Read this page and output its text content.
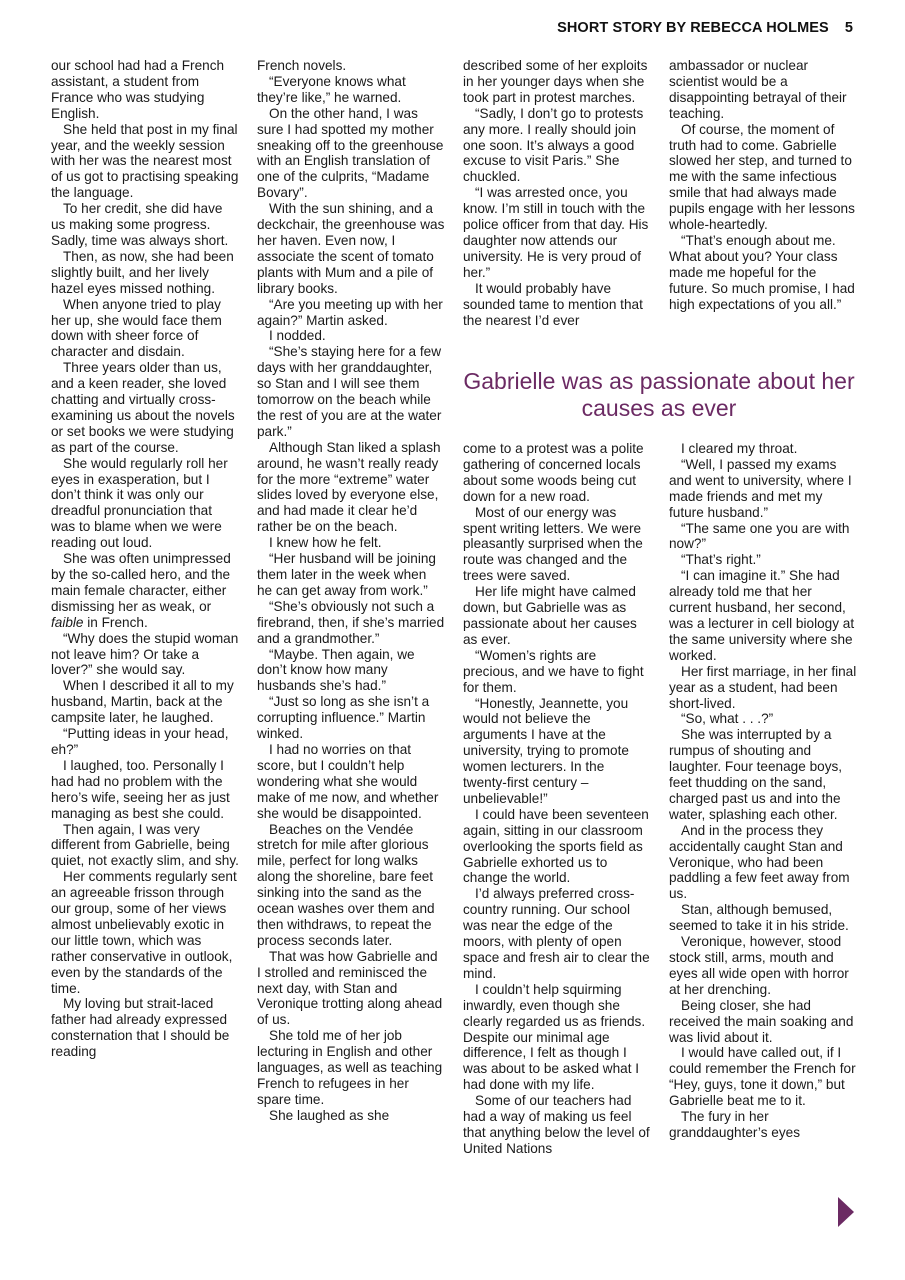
SHORT STORY BY REBECCA HOLMES 5

our school had had a French assistant, a student from France who was studying English.

She held that post in my final year, and the weekly session with her was the nearest most of us got to practising speaking the language.

To her credit, she did have us making some progress. Sadly, time was always short.

Then, as now, she had been slightly built, and her lively hazel eyes missed nothing.

When anyone tried to play her up, she would face them down with sheer force of character and disdain.

Three years older than us, and a keen reader, she loved chatting and virtually cross-examining us about the novels or set books we were studying as part of the course.

She would regularly roll her eyes in exasperation, but I don’t think it was only our dreadful pronunciation that was to blame when we were reading out loud.

She was often unimpressed by the so-called hero, and the main female character, either dismissing her as weak, or faible in French.

“Why does the stupid woman not leave him? Or take a lover?” she would say.

When I described it all to my husband, Martin, back at the campsite later, he laughed.

“Putting ideas in your head, eh?”

I laughed, too. Personally I had had no problem with the hero’s wife, seeing her as just managing as best she could.

Then again, I was very different from Gabrielle, being quiet, not exactly slim, and shy.

Her comments regularly sent an agreeable frisson through our group, some of her views almost unbelievably exotic in our little town, which was rather conservative in outlook, even by the standards of the time.

My loving but strait-laced father had already expressed consternation that I should be reading

French novels.

“Everyone knows what they’re like,” he warned.

On the other hand, I was sure I had spotted my mother sneaking off to the greenhouse with an English translation of one of the culprits, “Madame Bovary”.

With the sun shining, and a deckchair, the greenhouse was her haven. Even now, I associate the scent of tomato plants with Mum and a pile of library books.

“Are you meeting up with her again?” Martin asked.

I nodded.

“She’s staying here for a few days with her granddaughter, so Stan and I will see them tomorrow on the beach while the rest of you are at the water park.”

Although Stan liked a splash around, he wasn’t really ready for the more “extreme” water slides loved by everyone else, and had made it clear he’d rather be on the beach.

I knew how he felt.

“Her husband will be joining them later in the week when he can get away from work.”

“She’s obviously not such a firebrand, then, if she’s married and a grandmother.”

“Maybe. Then again, we don’t know how many husbands she’s had.”

“Just so long as she isn’t a corrupting influence.” Martin winked.

I had no worries on that score, but I couldn’t help wondering what she would make of me now, and whether she would be disappointed.

Beaches on the Vendée stretch for mile after glorious mile, perfect for long walks along the shoreline, bare feet sinking into the sand as the ocean washes over them and then withdraws, to repeat the process seconds later.

That was how Gabrielle and I strolled and reminisced the next day, with Stan and Veronique trotting along ahead of us.

She told me of her job lecturing in English and other languages, as well as teaching French to refugees in her spare time.

She laughed as she

described some of her exploits in her younger days when she took part in protest marches.

“Sadly, I don’t go to protests any more. I really should join one soon. It’s always a good excuse to visit Paris.” She chuckled.

“I was arrested once, you know. I’m still in touch with the police officer from that day. His daughter now attends our university. He is very proud of her.”

It would probably have sounded tame to mention that the nearest I’d ever

ambassador or nuclear scientist would be a disappointing betrayal of their teaching.

Of course, the moment of truth had to come. Gabrielle slowed her step, and turned to me with the same infectious smile that had always made pupils engage with her lessons whole-heartedly.

“That’s enough about me. What about you? Your class made me hopeful for the future. So much promise, I had high expectations of you all.”

Gabrielle was as passionate about her causes as ever

come to a protest was a polite gathering of concerned locals about some woods being cut down for a new road.

Most of our energy was spent writing letters. We were pleasantly surprised when the route was changed and the trees were saved.

Her life might have calmed down, but Gabrielle was as passionate about her causes as ever.

“Women’s rights are precious, and we have to fight for them.

“Honestly, Jeannette, you would not believe the arguments I have at the university, trying to promote women lecturers. In the twenty-first century – unbelievable!”

I could have been seventeen again, sitting in our classroom overlooking the sports field as Gabrielle exhorted us to change the world.

I’d always preferred cross-country running. Our school was near the edge of the moors, with plenty of open space and fresh air to clear the mind.

I couldn’t help squirming inwardly, even though she clearly regarded us as friends. Despite our minimal age difference, I felt as though I was about to be asked what I had done with my life.

Some of our teachers had had a way of making us feel that anything below the level of United Nations

I cleared my throat.

“Well, I passed my exams and went to university, where I made friends and met my future husband.”

“The same one you are with now?”

“That’s right.”

“I can imagine it.” She had already told me that her current husband, her second, was a lecturer in cell biology at the same university where she worked.

Her first marriage, in her final year as a student, had been short-lived.

“So, what . . .?”

She was interrupted by a rumpus of shouting and laughter. Four teenage boys, feet thudding on the sand, charged past us and into the water, splashing each other.

And in the process they accidentally caught Stan and Veronique, who had been paddling a few feet away from us.

Stan, although bemused, seemed to take it in his stride.

Veronique, however, stood stock still, arms, mouth and eyes all wide open with horror at her drenching.

Being closer, she had received the main soaking and was livid about it.

I would have called out, if I could remember the French for “Hey, guys, tone it down,” but Gabrielle beat me to it.

The fury in her granddaughter’s eyes
